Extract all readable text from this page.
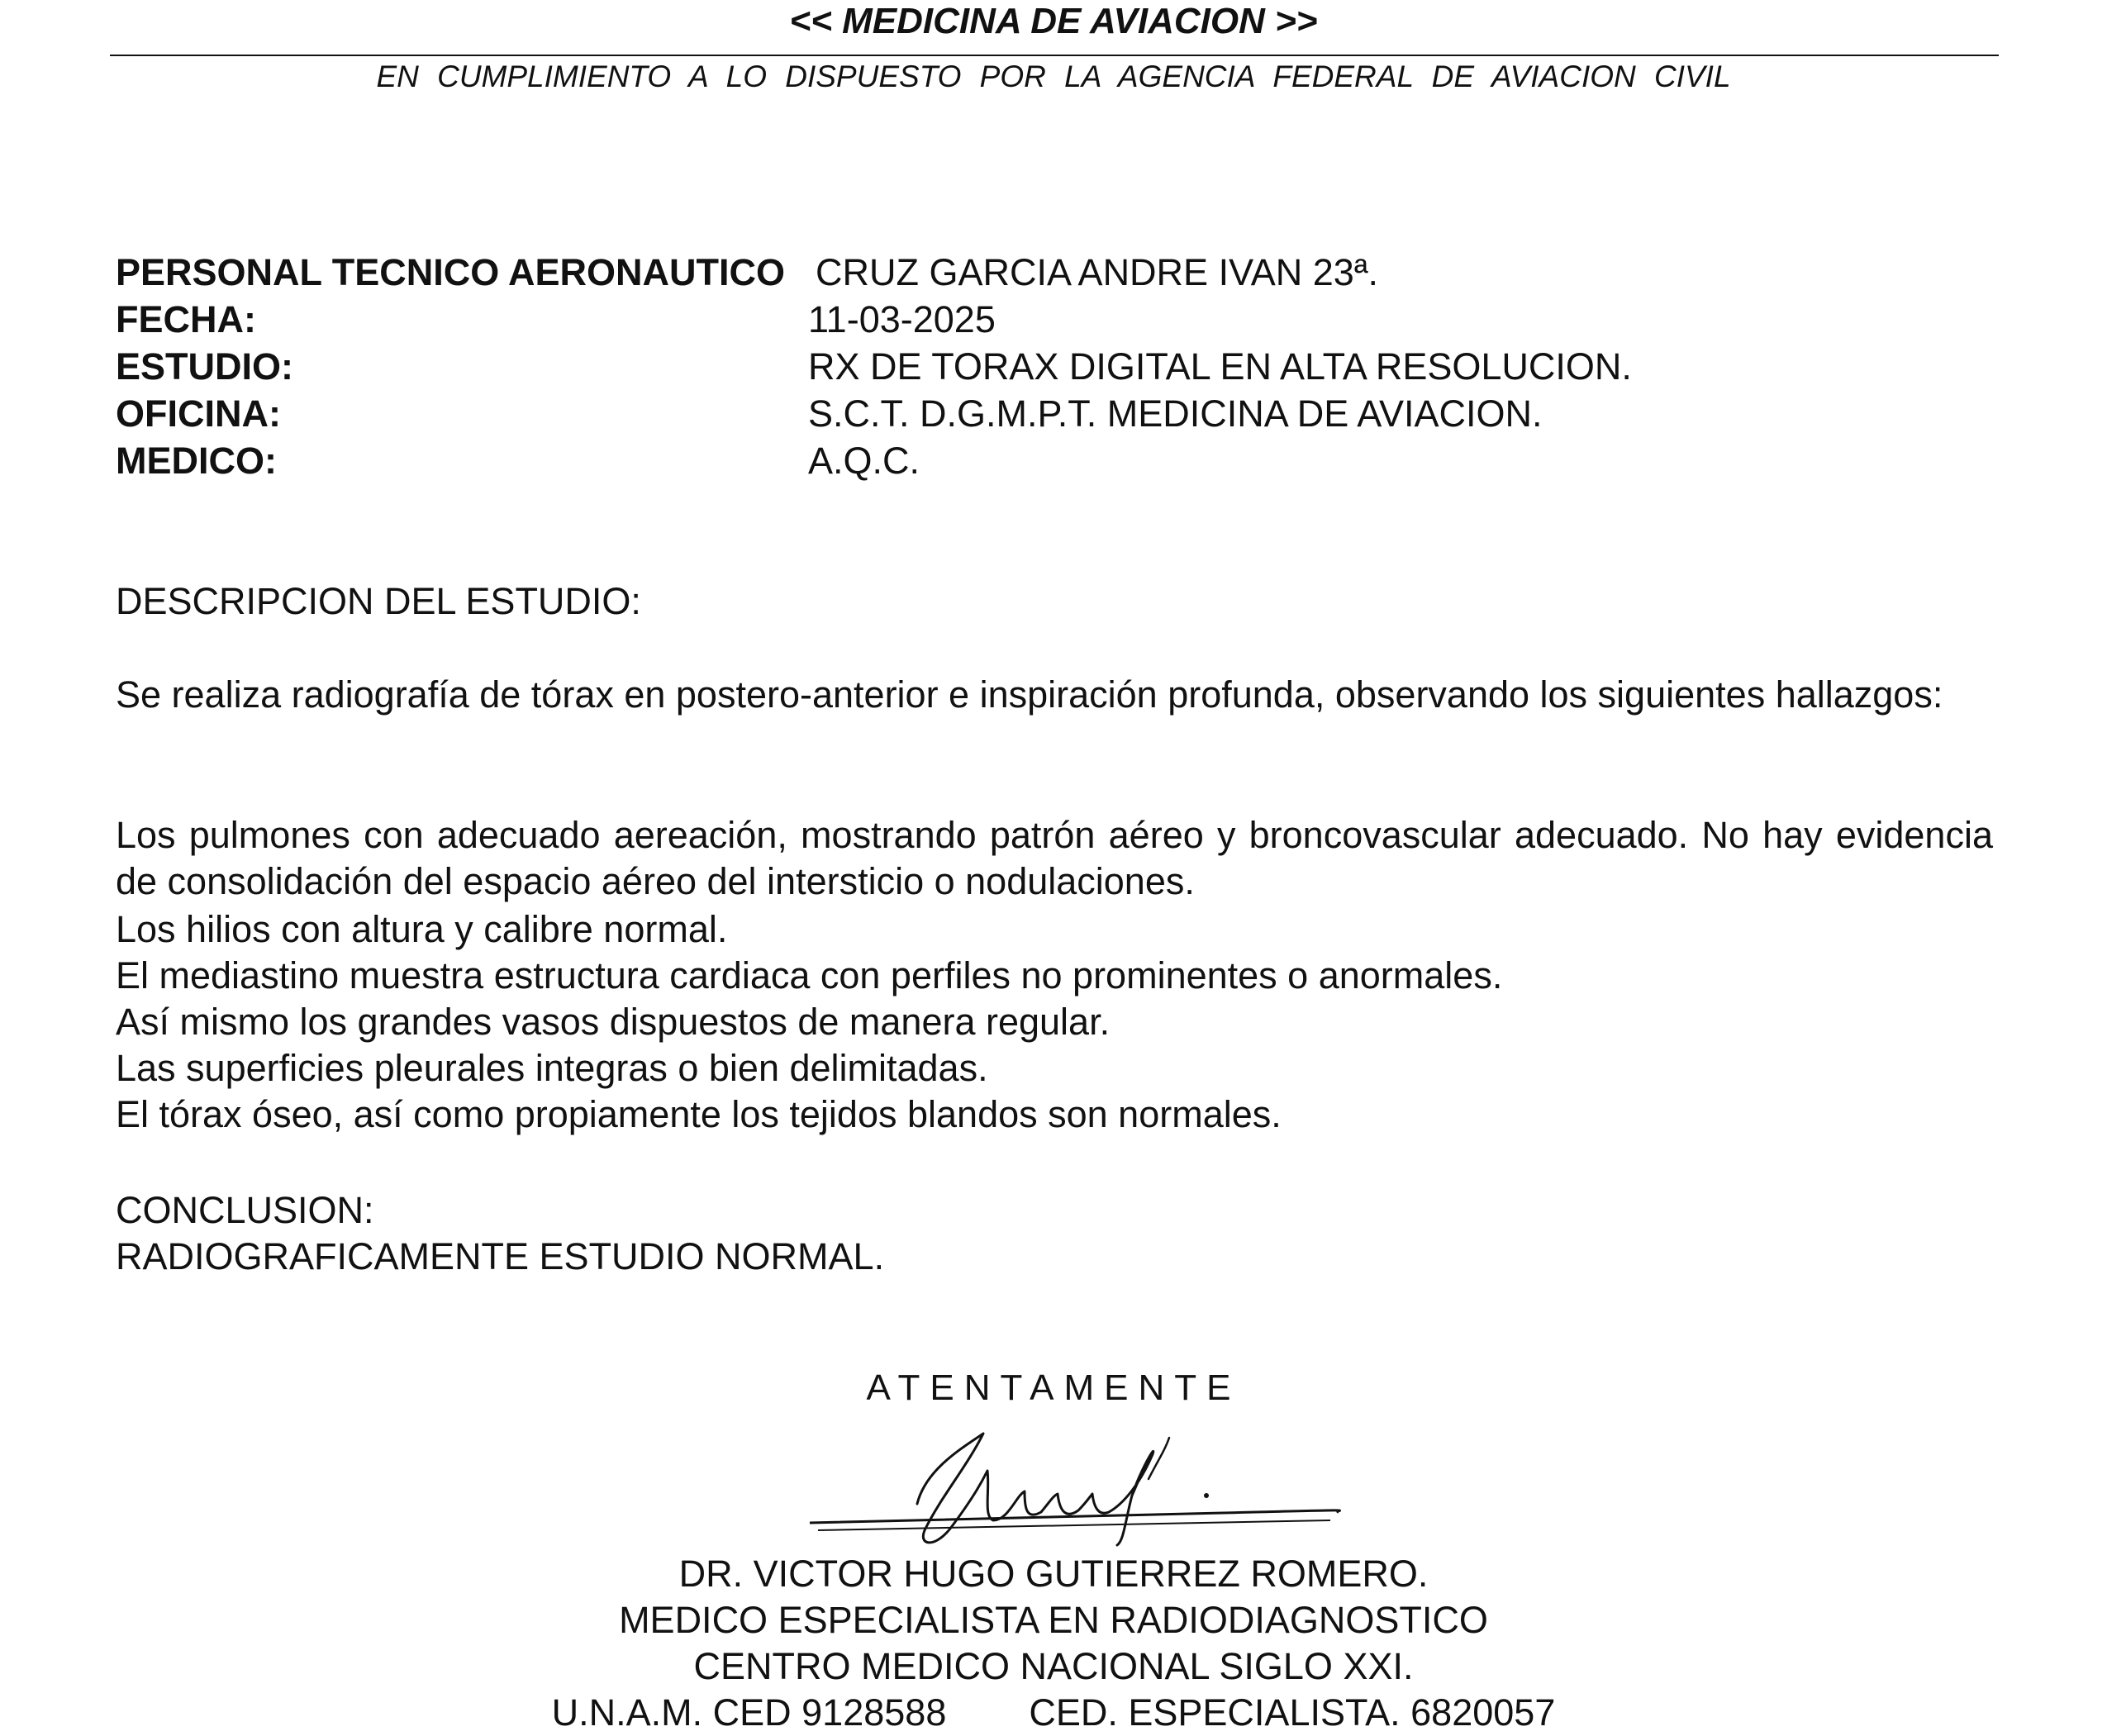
<< MEDICINA DE AVIACION >>
EN CUMPLIMIENTO A LO DISPUESTO POR LA AGENCIA FEDERAL DE AVIACION CIVIL
PERSONAL TECNICO AERONAUTICO CRUZ GARCIA ANDRE IVAN 23ª.
FECHA:	11-03-2025
ESTUDIO:	RX DE TORAX DIGITAL EN ALTA RESOLUCION.
OFICINA:	S.C.T. D.G.M.P.T. MEDICINA DE AVIACION.
MEDICO:	A.Q.C.
DESCRIPCION DEL ESTUDIO:
Se realiza radiografía de tórax en postero-anterior e inspiración profunda, observando los siguientes hallazgos:
Los pulmones con adecuado aereación, mostrando patrón aéreo y broncovascular adecuado. No hay evidencia de consolidación del espacio aéreo del intersticio o nodulaciones.
Los hilios con altura y calibre normal.
El mediastino muestra estructura cardiaca con perfiles no prominentes o anormales.
Así mismo los grandes vasos dispuestos de manera regular.
Las superficies pleurales integras o bien delimitadas.
El tórax óseo, así como propiamente los tejidos blandos son normales.
CONCLUSION:
RADIOGRAFICAMENTE ESTUDIO NORMAL.
ATENTAMENTE
DR. VICTOR HUGO GUTIERREZ ROMERO.
MEDICO ESPECIALISTA EN RADIODIAGNOSTICO
CENTRO MEDICO NACIONAL SIGLO XXI.
U.N.A.M. CED 9128588 CED. ESPECIALISTA. 6820057
